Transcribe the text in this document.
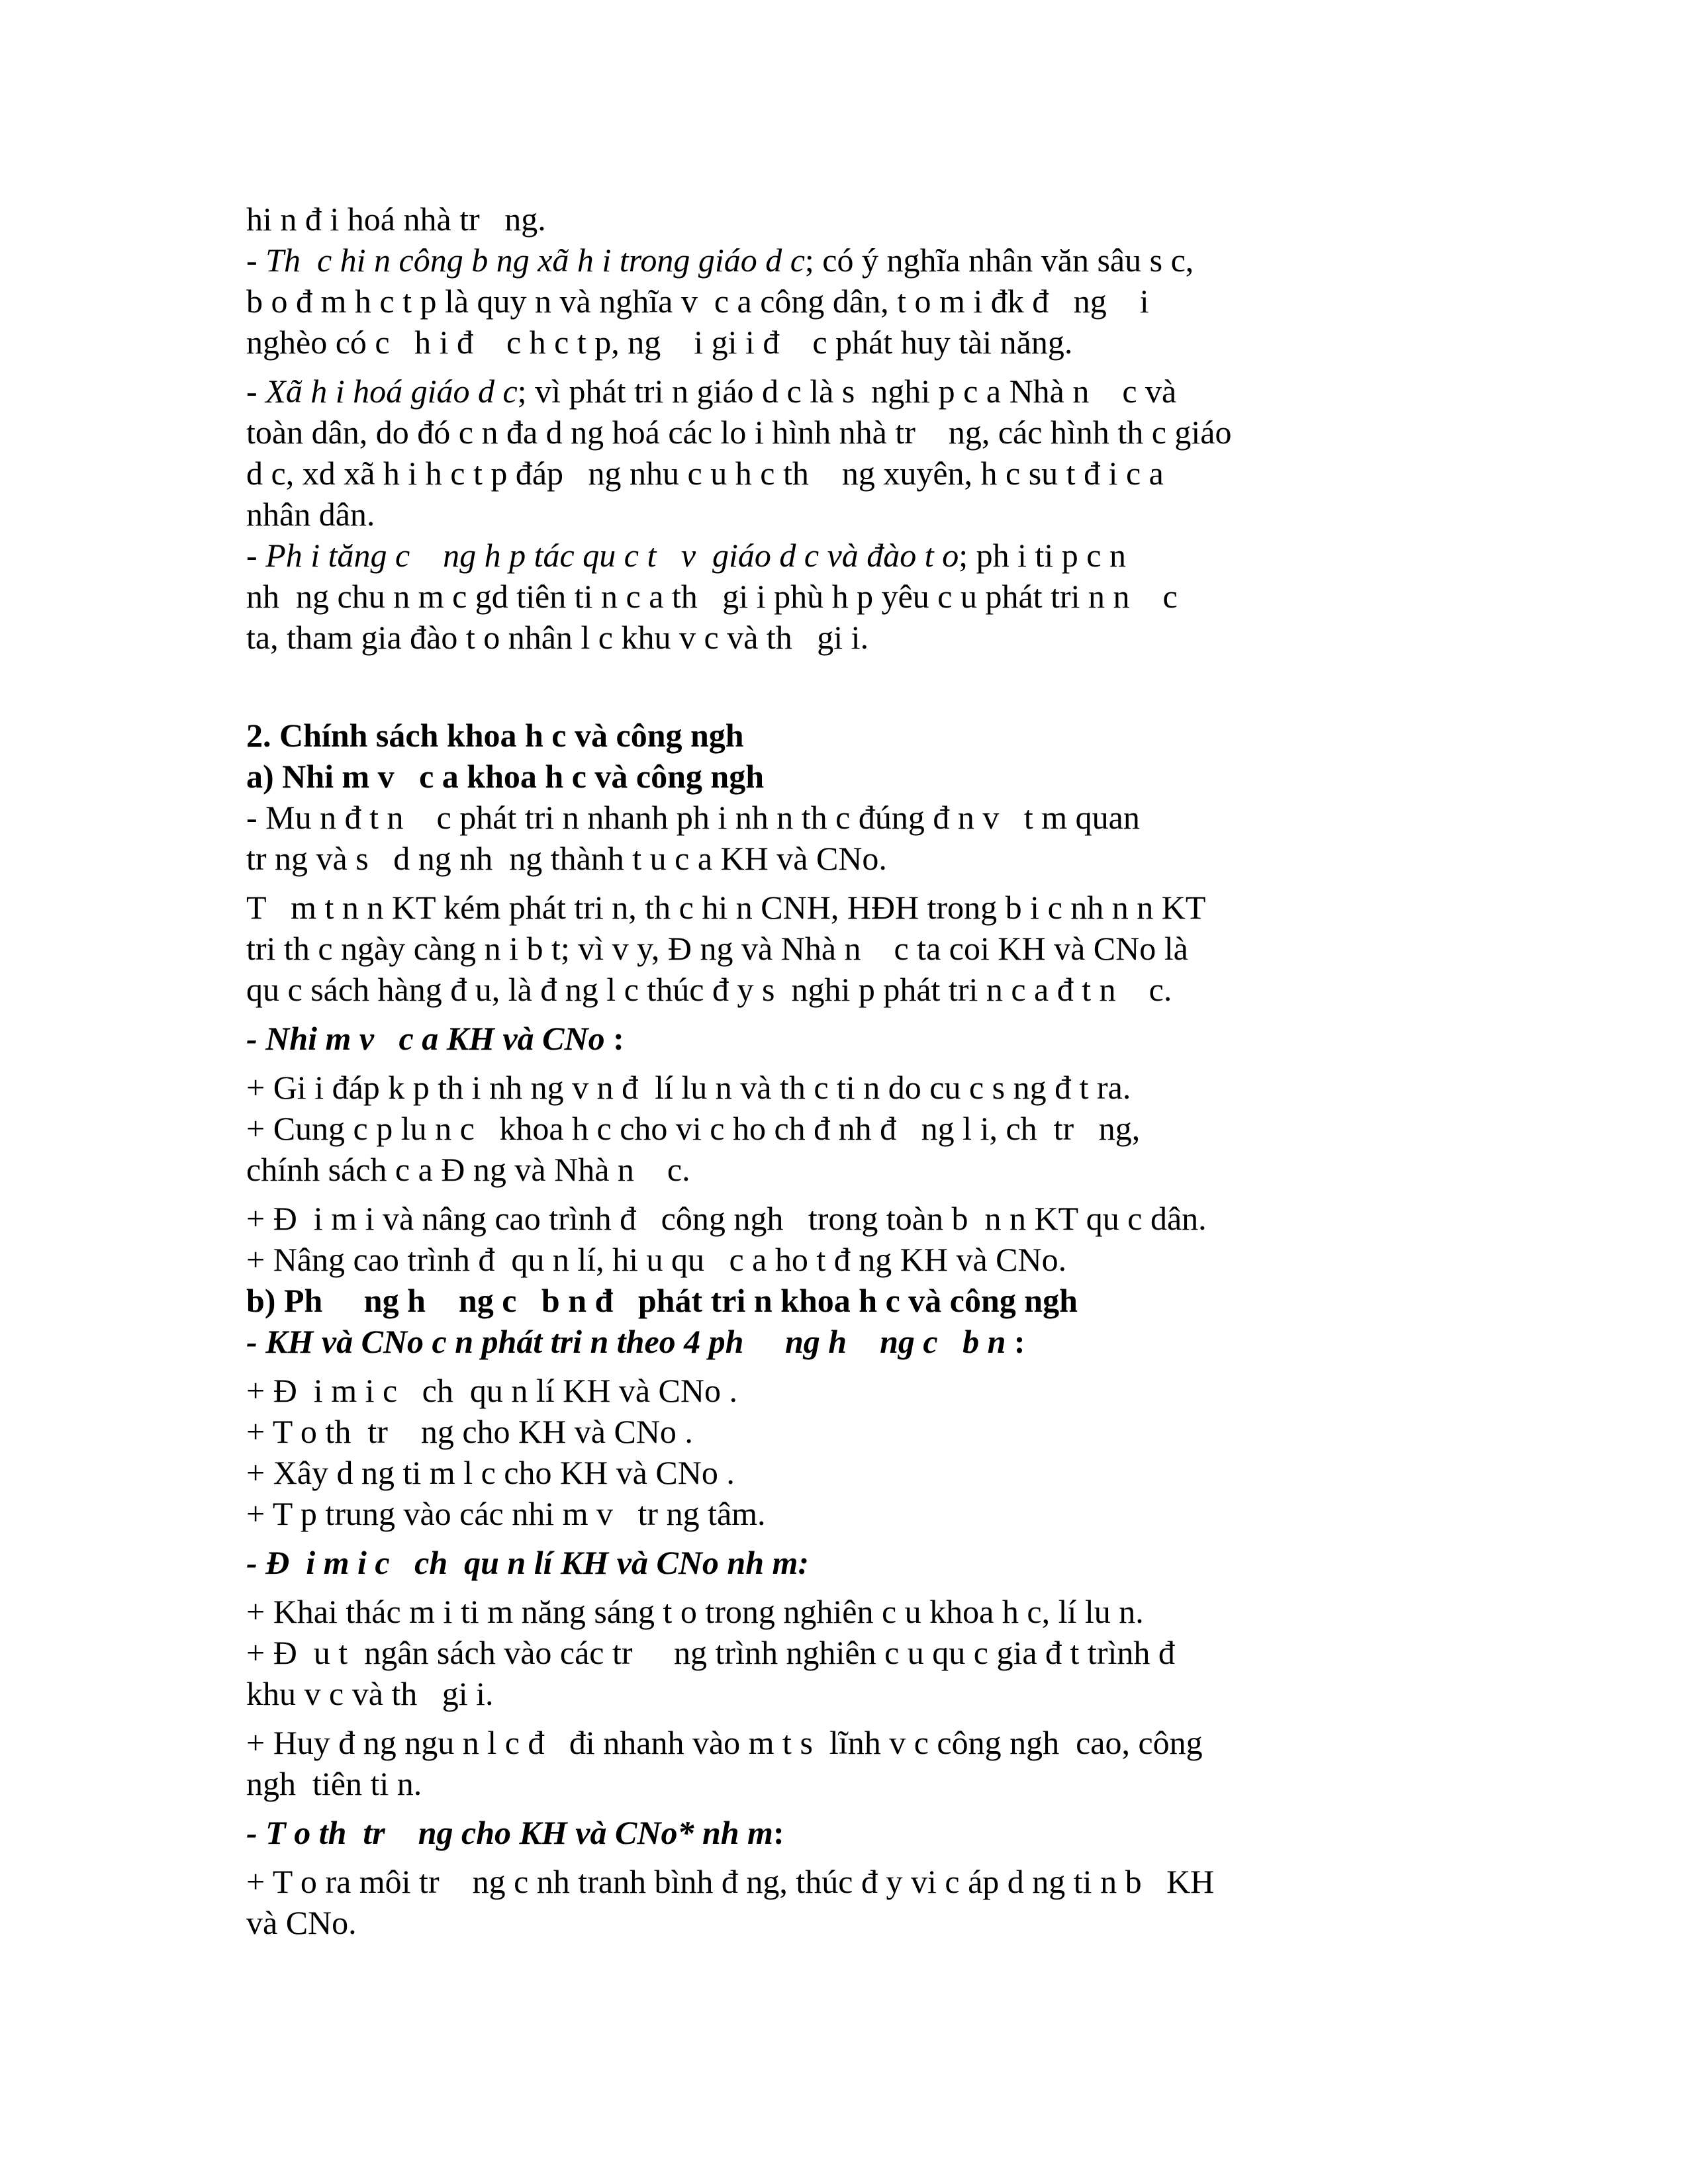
hi n đ i hoá nhà tr   ng.
- Th  c hi n công b ng xã h i trong giáo d c; có ý nghĩa nhân văn sâu s c,
b o đ m h c t p là quy n và nghĩa v  c a công dân, t o m i đk đ   ng    i
nghèo có c   h i đ    c h c t p, ng    i gi i đ    c phát huy tài năng.
- Xã h i hoá giáo d c; vì phát tri n giáo d c là s  nghi p c a Nhà n    c và
toàn dân, do đó c n đa d ng hoá các lo i hình nhà tr    ng, các hình th c giáo
d c, xd xã h i h c t p đáp   ng nhu c u h c th    ng xuyên, h c su t đ i c a
nhân dân.
- Ph i tăng c    ng h p tác qu c t   v  giáo d c và đào t o; ph i ti p c n
nh  ng chu n m c gd tiên ti n c a th   gi i phù h p yêu c u phát tri n n    c
ta, tham gia đào t o nhân l c khu v c và th   gi i.
2. Chính sách khoa h c và công ngh
a) Nhi m v   c a khoa h c và công ngh
- Mu n đ t n    c phát tri n nhanh ph i nh n th c đúng đ n v   t m quan
tr ng và s   d ng nh  ng thành t u c a KH và CNo.
T   m t n n KT kém phát tri n, th c hi n CNH, HĐH trong b i c nh n n KT
tri th c ngày càng n i b t; vì v y, Đ ng và Nhà n    c ta coi KH và CNo là
qu c sách hàng đ u, là đ ng l c thúc đ y s  nghi p phát tri n c a đ t n    c.
- Nhi m v   c a KH và CNo :
+ Gi i đáp k p th i nh ng v n đ  lí lu n và th c ti n do cu c s ng đ t ra.
+ Cung c p lu n c   khoa h c cho vi c ho ch đ nh đ   ng l i, ch  tr   ng,
chính sách c a Đ ng và Nhà n    c.
+ Đ  i m i và nâng cao trình đ   công ngh   trong toàn b  n n KT qu c dân.
+ Nâng cao trình đ  qu n lí, hi u qu   c a ho t đ ng KH và CNo.
b) Ph     ng h    ng c   b n đ   phát tri n khoa h c và công ngh
- KH và CNo c n phát tri n theo 4 ph     ng h    ng c   b n :
+ Đ  i m i c   ch  qu n lí KH và CNo .
+ T o th  tr    ng cho KH và CNo .
+ Xây d ng ti m l c cho KH và CNo .
+ T p trung vào các nhi m v   tr ng tâm.
- Đ  i m i c   ch  qu n lí KH và CNo nh m:
+ Khai thác m i ti m năng sáng t o trong nghiên c u khoa h c, lí lu n.
+ Đ  u t  ngân sách vào các tr     ng trình nghiên c u qu c gia đ t trình đ
khu v c và th   gi i.
+ Huy đ ng ngu n l c đ   đi nhanh vào m t s  lĩnh v c công ngh  cao, công
ngh  tiên ti n.
- T o th  tr    ng cho KH và CNo* nh m:
+ T o ra môi tr    ng c nh tranh bình đ ng, thúc đ y vi c áp d ng ti n b   KH
và CNo.
